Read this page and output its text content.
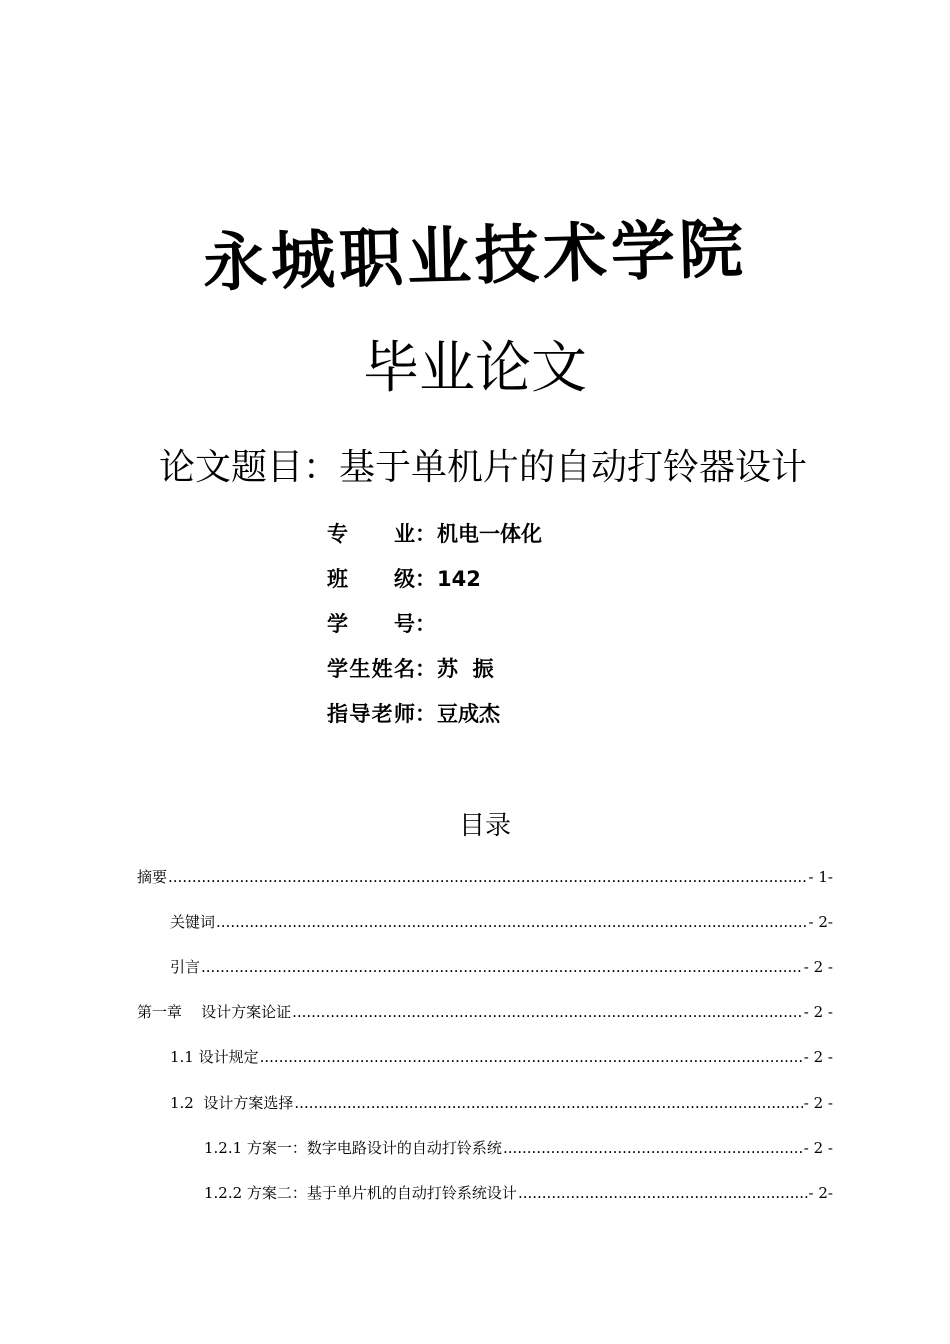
永城职业技术学院
毕业论文
论文题目：基于单机片的自动打铃器设计
专业 ： 机电一体化
班级 ： 142
学号 ：
学生姓名 ： 苏  振
指导老师 ： 豆成杰
目录
摘要 .....	- 1-
关键词 .....	- 2-
引言 .....	- 2 -
第一章    设计方案论证 .....	- 2 -
1.1 设计规定 .....	- 2 -
1.2  设计方案选择 .....	- 2 -
1.2.1 方案一：数字电路设计的自动打铃系统 .....	- 2 -
1.2.2 方案二：基于单片机的自动打铃系统设计 .....	- 2-
